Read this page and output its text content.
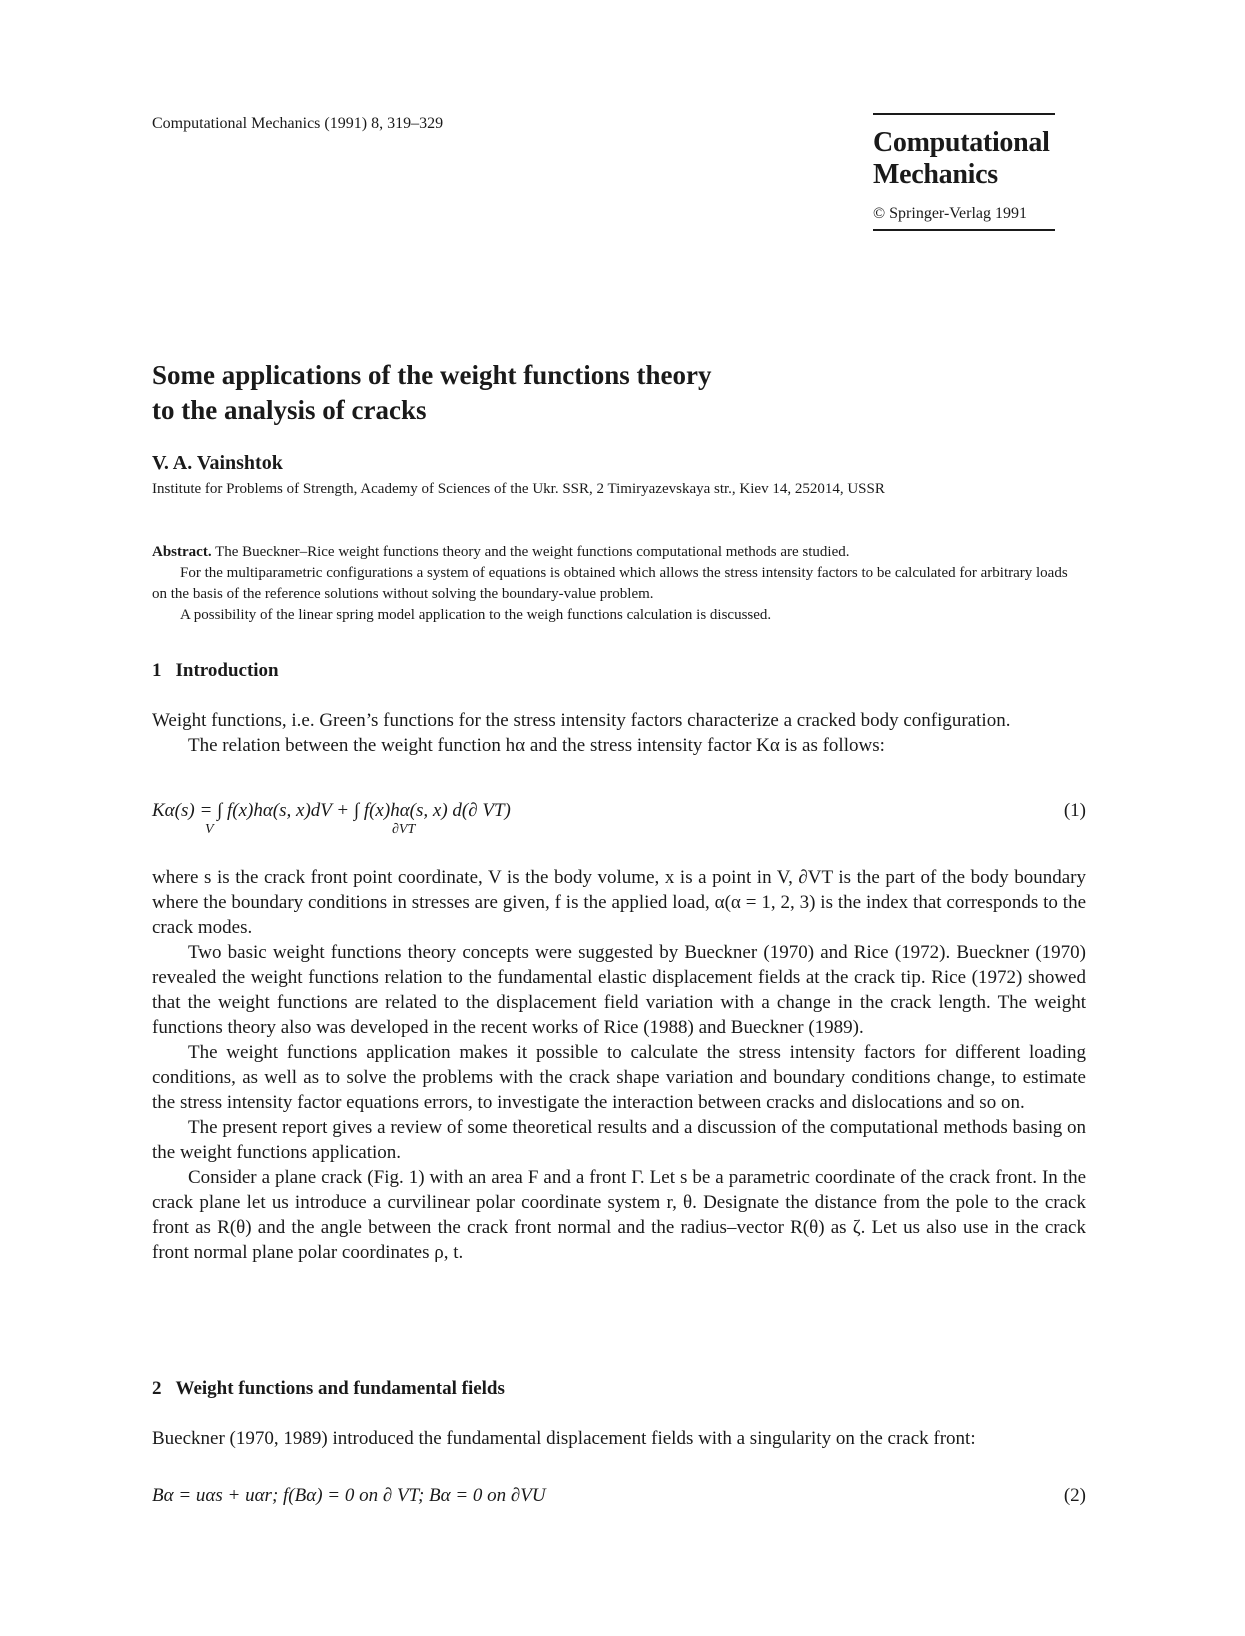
Computational Mechanics (1991) 8, 319–329
Computational
Mechanics
© Springer-Verlag 1991
Some applications of the weight functions theory
to the analysis of cracks
V. A. Vainshtok
Institute for Problems of Strength, Academy of Sciences of the Ukr. SSR, 2 Timiryazevskaya str., Kiev 14, 252014, USSR

Abstract. The Bueckner–Rice weight functions theory and the weight functions computational methods are studied.

For the multiparametric configurations a system of equations is obtained which allows the stress intensity factors to be calculated for arbitrary loads on the basis of the reference solutions without solving the boundary-value problem.

A possibility of the linear spring model application to the weigh functions calculation is discussed.

1 Introduction

Weight functions, i.e. Green’s functions for the stress intensity factors characterize a cracked body configuration.

The relation between the weight function hα and the stress intensity factor Kα is as follows:

Kα(s) = ∫ f(x)hα(s, x)dV + ∫ f(x)hα(s, x) d(∂ VT)
V	∂VT
(1)

where s is the crack front point coordinate, V is the body volume, x is a point in V, ∂VT is the part of the body boundary where the boundary conditions in stresses are given, f is the applied load, α(α = 1, 2, 3) is the index that corresponds to the crack modes.

Two basic weight functions theory concepts were suggested by Bueckner (1970) and Rice (1972). Bueckner (1970) revealed the weight functions relation to the fundamental elastic displacement fields at the crack tip. Rice (1972) showed that the weight functions are related to the displacement field variation with a change in the crack length. The weight functions theory also was developed in the recent works of Rice (1988) and Bueckner (1989).

The weight functions application makes it possible to calculate the stress intensity factors for different loading conditions, as well as to solve the problems with the crack shape variation and boundary conditions change, to estimate the stress intensity factor equations errors, to investigate the interaction between cracks and dislocations and so on.

The present report gives a review of some theoretical results and a discussion of the computational methods basing on the weight functions application.

Consider a plane crack (Fig. 1) with an area F and a front Γ. Let s be a parametric coordinate of the crack front. In the crack plane let us introduce a curvilinear polar coordinate system r, θ. Designate the distance from the pole to the crack front as R(θ) and the angle between the crack front normal and the radius–vector R(θ) as ζ. Let us also use in the crack front normal plane polar coordinates ρ, t.

2 Weight functions and fundamental fields

Bueckner (1970, 1989) introduced the fundamental displacement fields with a singularity on the crack front:

Bα = uαs + uαr; f(Bα) = 0 on ∂ VT; Bα = 0 on ∂VU	(2)
